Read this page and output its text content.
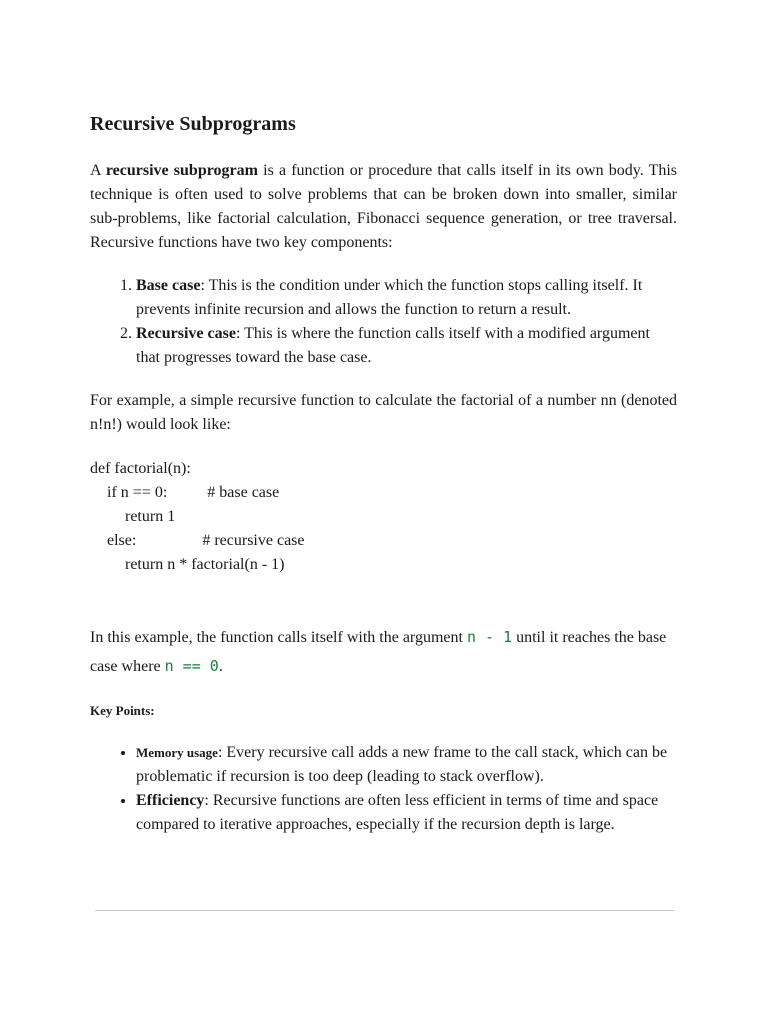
Recursive Subprograms

A recursive subprogram is a function or procedure that calls itself in its own body. This technique is often used to solve problems that can be broken down into smaller, similar sub-problems, like factorial calculation, Fibonacci sequence generation, or tree traversal. Recursive functions have two key components:

1. Base case: This is the condition under which the function stops calling itself. It prevents infinite recursion and allows the function to return a result.
2. Recursive case: This is where the function calls itself with a modified argument that progresses toward the base case.

For example, a simple recursive function to calculate the factorial of a number nn (denoted n!n!) would look like:

def factorial(n):
if n == 0:	# base case
return 1
else:	# recursive case
return n * factorial(n - 1)

In this example, the function calls itself with the argument n - 1 until it reaches the base case where n == 0.

Key Points:

• Memory usage: Every recursive call adds a new frame to the call stack, which can be problematic if recursion is too deep (leading to stack overflow).
• Efficiency: Recursive functions are often less efficient in terms of time and space compared to iterative approaches, especially if the recursion depth is large.
